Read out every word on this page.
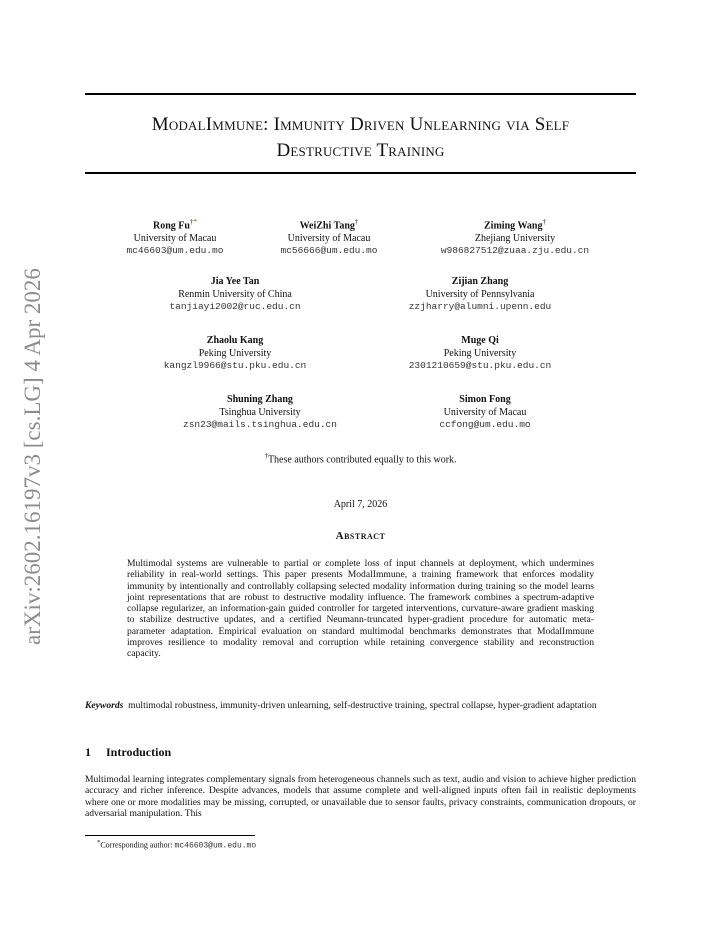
arXiv:2602.16197v3 [cs.LG] 4 Apr 2026
ModalImmune: Immunity Driven Unlearning via Self
Destructive Training
Rong Fu†*
University of Macau
mc46603@um.edu.mo
WeiZhi Tang†
University of Macau
mc56666@um.edu.mo
Ziming Wang†
Zhejiang University
w986827512@zuaa.zju.edu.cn
Jia Yee Tan
Renmin University of China
tanjiayi2002@ruc.edu.cn
Zijian Zhang
University of Pennsylvania
zzjharry@alumni.upenn.edu
Zhaolu Kang
Peking University
kangzl9966@stu.pku.edu.cn
Muge Qi
Peking University
2301210659@stu.pku.edu.cn
Shuning Zhang
Tsinghua University
zsn23@mails.tsinghua.edu.cn
Simon Fong
University of Macau
ccfong@um.edu.mo
†These authors contributed equally to this work.
April 7, 2026
Abstract
Multimodal systems are vulnerable to partial or complete loss of input channels at deployment, which undermines reliability in real-world settings. This paper presents ModalImmune, a training framework that enforces modality immunity by intentionally and controllably collapsing selected modality information during training so the model learns joint representations that are robust to destructive modality influence. The framework combines a spectrum-adaptive collapse regularizer, an information-gain guided controller for targeted interventions, curvature-aware gradient masking to stabilize destructive updates, and a certified Neumann-truncated hyper-gradient procedure for automatic meta-parameter adaptation. Empirical evaluation on standard multimodal benchmarks demonstrates that ModalImmune improves resilience to modality removal and corruption while retaining convergence stability and reconstruction capacity.
Keywords multimodal robustness, immunity-driven unlearning, self-destructive training, spectral collapse, hyper-gradient adaptation
1 Introduction
Multimodal learning integrates complementary signals from heterogeneous channels such as text, audio and vision to achieve higher prediction accuracy and richer inference. Despite advances, models that assume complete and well-aligned inputs often fail in realistic deployments where one or more modalities may be missing, corrupted, or unavailable due to sensor faults, privacy constraints, communication dropouts, or adversarial manipulation. This
*Corresponding author: mc46603@um.edu.mo
